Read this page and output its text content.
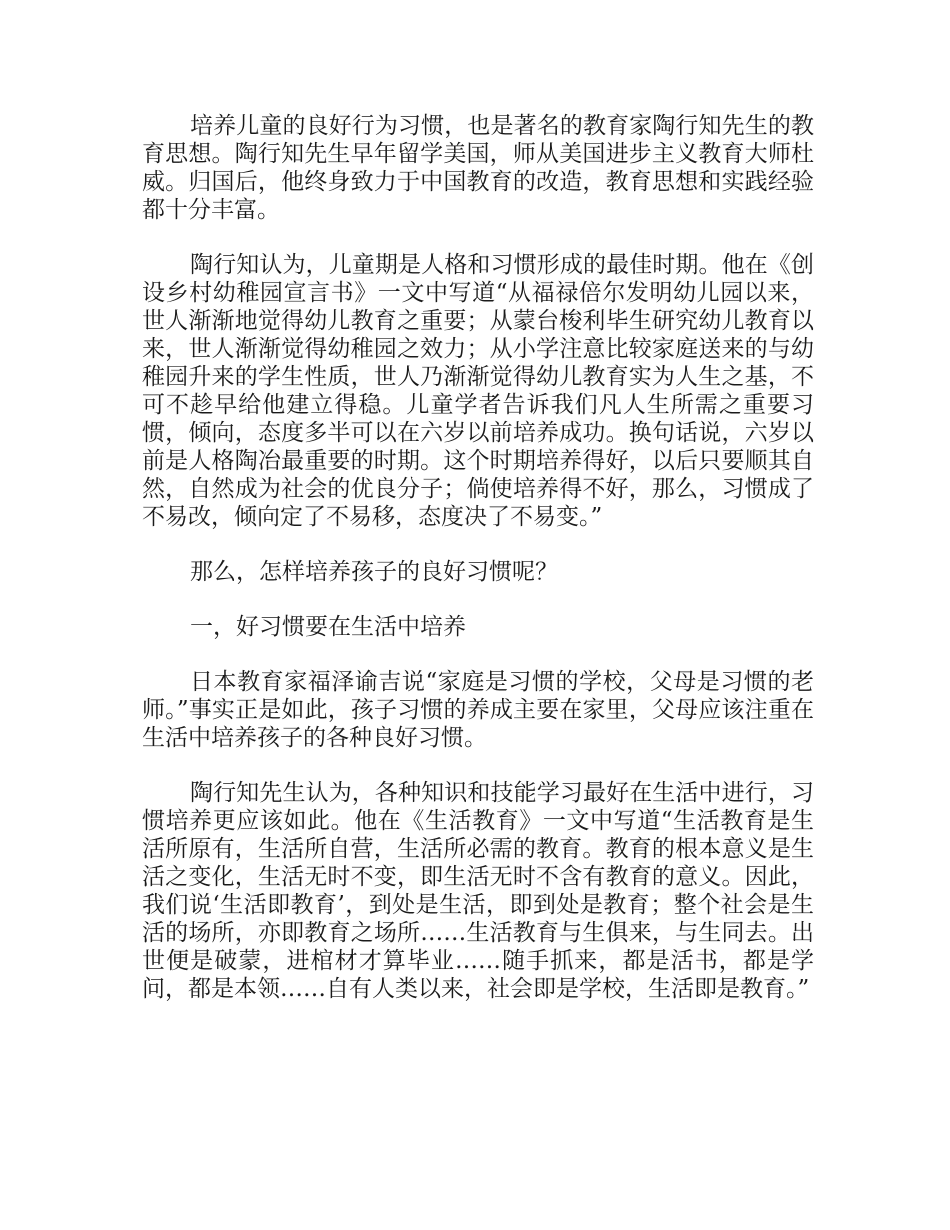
培养儿童的良好行为习惯，也是著名的教育家陶行知先生的教育思想。陶行知先生早年留学美国，师从美国进步主义教育大师杜威。归国后，他终身致力于中国教育的改造，教育思想和实践经验都十分丰富。

陶行知认为，儿童期是人格和习惯形成的最佳时期。他在《创设乡村幼稚园宣言书》一文中写道“从福禄倍尔发明幼儿园以来，世人渐渐地觉得幼儿教育之重要；从蒙台梭利毕生研究幼儿教育以来，世人渐渐觉得幼稚园之效力；从小学注意比较家庭送来的与幼稚园升来的学生性质，世人乃渐渐觉得幼儿教育实为人生之基，不可不趁早给他建立得稳。儿童学者告诉我们凡人生所需之重要习惯，倾向，态度多半可以在六岁以前培养成功。换句话说，六岁以前是人格陶冶最重要的时期。这个时期培养得好，以后只要顺其自然，自然成为社会的优良分子；倘使培养得不好，那么，习惯成了不易改，倾向定了不易移，态度决了不易变。”

那么，怎样培养孩子的良好习惯呢？

一，好习惯要在生活中培养

日本教育家福泽谕吉说“家庭是习惯的学校，父母是习惯的老师。”事实正是如此，孩子习惯的养成主要在家里，父母应该注重在生活中培养孩子的各种良好习惯。

陶行知先生认为，各种知识和技能学习最好在生活中进行，习惯培养更应该如此。他在《生活教育》一文中写道“生活教育是生活所原有，生活所自营，生活所必需的教育。教育的根本意义是生活之变化，生活无时不变，即生活无时不含有教育的意义。因此，我们说‘生活即教育’，到处是生活，即到处是教育；整个社会是生活的场所，亦即教育之场所……生活教育与生俱来，与生同去。出世便是破蒙，进棺材才算毕业……随手抓来，都是活书，都是学问，都是本领……自有人类以来，社会即是学校，生活即是教育。”
